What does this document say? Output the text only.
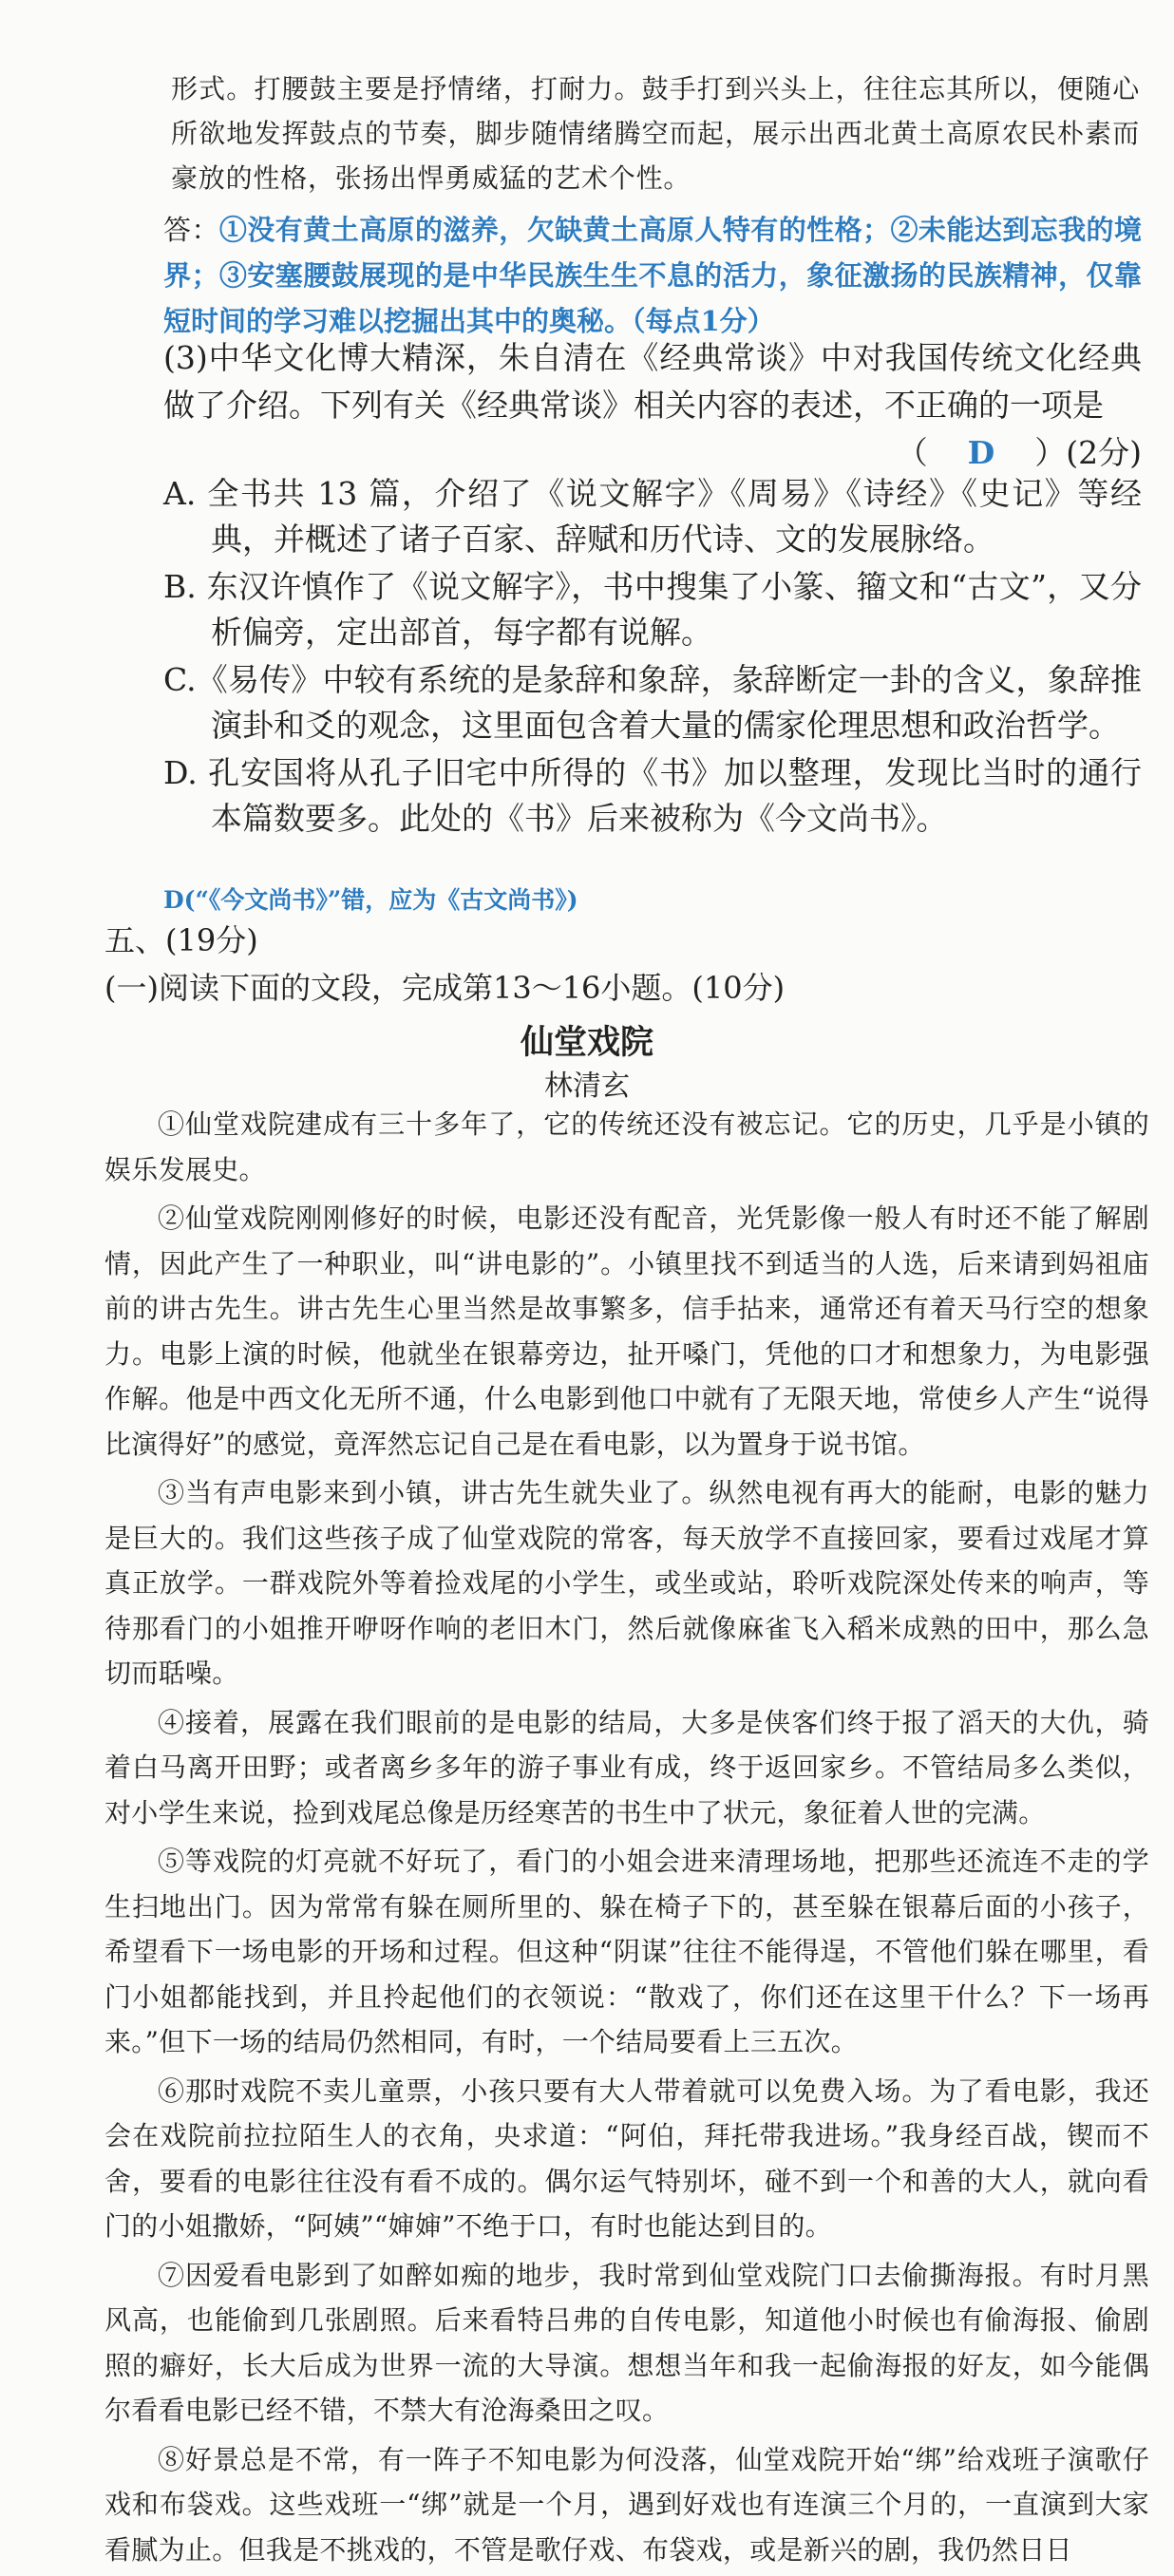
形式。打腰鼓主要是抒情绪，打耐力。鼓手打到兴头上，往往忘其所以，便随心所欲地发挥鼓点的节奏，脚步随情绪腾空而起，展示出西北黄土高原农民朴素而豪放的性格，张扬出悍勇威猛的艺术个性。
答：①没有黄土高原的滋养，欠缺黄土高原人特有的性格；②未能达到忘我的境界；③安塞腰鼓展现的是中华民族生生不息的活力，象征激扬的民族精神，仅靠短时间的学习难以挖掘出其中的奥秘。（每点1分）
(3)中华文化博大精深，朱自清在《经典常谈》中对我国传统文化经典做了介绍。下列有关《经典常谈》相关内容的表述，不正确的一项是
（ D ）(2分)
A. 全书共 13 篇，介绍了《说文解字》《周易》《诗经》《史记》等经典，并概述了诸子百家、辞赋和历代诗、文的发展脉络。
B. 东汉许慎作了《说文解字》，书中搜集了小篆、籀文和“古文”，又分析偏旁，定出部首，每字都有说解。
C.《易传》中较有系统的是彖辞和象辞，彖辞断定一卦的含义，象辞推演卦和爻的观念，这里面包含着大量的儒家伦理思想和政治哲学。
D. 孔安国将从孔子旧宅中所得的《书》加以整理，发现比当时的通行本篇数要多。此处的《书》后来被称为《今文尚书》。
D(“《今文尚书》”错，应为《古文尚书》)
五、(19分)
(一)阅读下面的文段，完成第13～16小题。(10分)
仙堂戏院
林清玄

①仙堂戏院建成有三十多年了，它的传统还没有被忘记。它的历史，几乎是小镇的娱乐发展史。

②仙堂戏院刚刚修好的时候，电影还没有配音，光凭影像一般人有时还不能了解剧情，因此产生了一种职业，叫“讲电影的”。小镇里找不到适当的人选，后来请到妈祖庙前的讲古先生。讲古先生心里当然是故事繁多，信手拈来，通常还有着天马行空的想象力。电影上演的时候，他就坐在银幕旁边，扯开嗓门，凭他的口才和想象力，为电影强作解。他是中西文化无所不通，什么电影到他口中就有了无限天地，常使乡人产生“说得比演得好”的感觉，竟浑然忘记自己是在看电影，以为置身于说书馆。

③当有声电影来到小镇，讲古先生就失业了。纵然电视有再大的能耐，电影的魅力是巨大的。我们这些孩子成了仙堂戏院的常客，每天放学不直接回家，要看过戏尾才算真正放学。一群戏院外等着捡戏尾的小学生，或坐或站，聆听戏院深处传来的响声，等待那看门的小姐推开咿呀作响的老旧木门，然后就像麻雀飞入稻米成熟的田中，那么急切而聒噪。

④接着，展露在我们眼前的是电影的结局，大多是侠客们终于报了滔天的大仇，骑着白马离开田野；或者离乡多年的游子事业有成，终于返回家乡。不管结局多么类似，对小学生来说，捡到戏尾总像是历经寒苦的书生中了状元，象征着人世的完满。

⑤等戏院的灯亮就不好玩了，看门的小姐会进来清理场地，把那些还流连不走的学生扫地出门。因为常常有躲在厕所里的、躲在椅子下的，甚至躲在银幕后面的小孩子，希望看下一场电影的开场和过程。但这种“阴谋”往往不能得逞，不管他们躲在哪里，看门小姐都能找到，并且拎起他们的衣领说：“散戏了，你们还在这里干什么？下一场再来。”但下一场的结局仍然相同，有时，一个结局要看上三五次。

⑥那时戏院不卖儿童票，小孩只要有大人带着就可以免费入场。为了看电影，我还会在戏院前拉拉陌生人的衣角，央求道：“阿伯，拜托带我进场。”我身经百战，锲而不舍，要看的电影往往没有看不成的。偶尔运气特别坏，碰不到一个和善的大人，就向看门的小姐撒娇，“阿姨”“婶婶”不绝于口，有时也能达到目的。

⑦因爱看电影到了如醉如痴的地步，我时常到仙堂戏院门口去偷撕海报。有时月黑风高，也能偷到几张剧照。后来看特吕弗的自传电影，知道他小时候也有偷海报、偷剧照的癖好，长大后成为世界一流的大导演。想想当年和我一起偷海报的好友，如今能偶尔看看电影已经不错，不禁大有沧海桑田之叹。

⑧好景总是不常，有一阵子不知电影为何没落，仙堂戏院开始“绑”给戏班子演歌仔戏和布袋戏。这些戏班一“绑”就是一个月，遇到好戏也有连演三个月的，一直演到大家看腻为止。但我是不挑戏的，不管是歌仔戏、布袋戏，或是新兴的剧，我仍然日日
